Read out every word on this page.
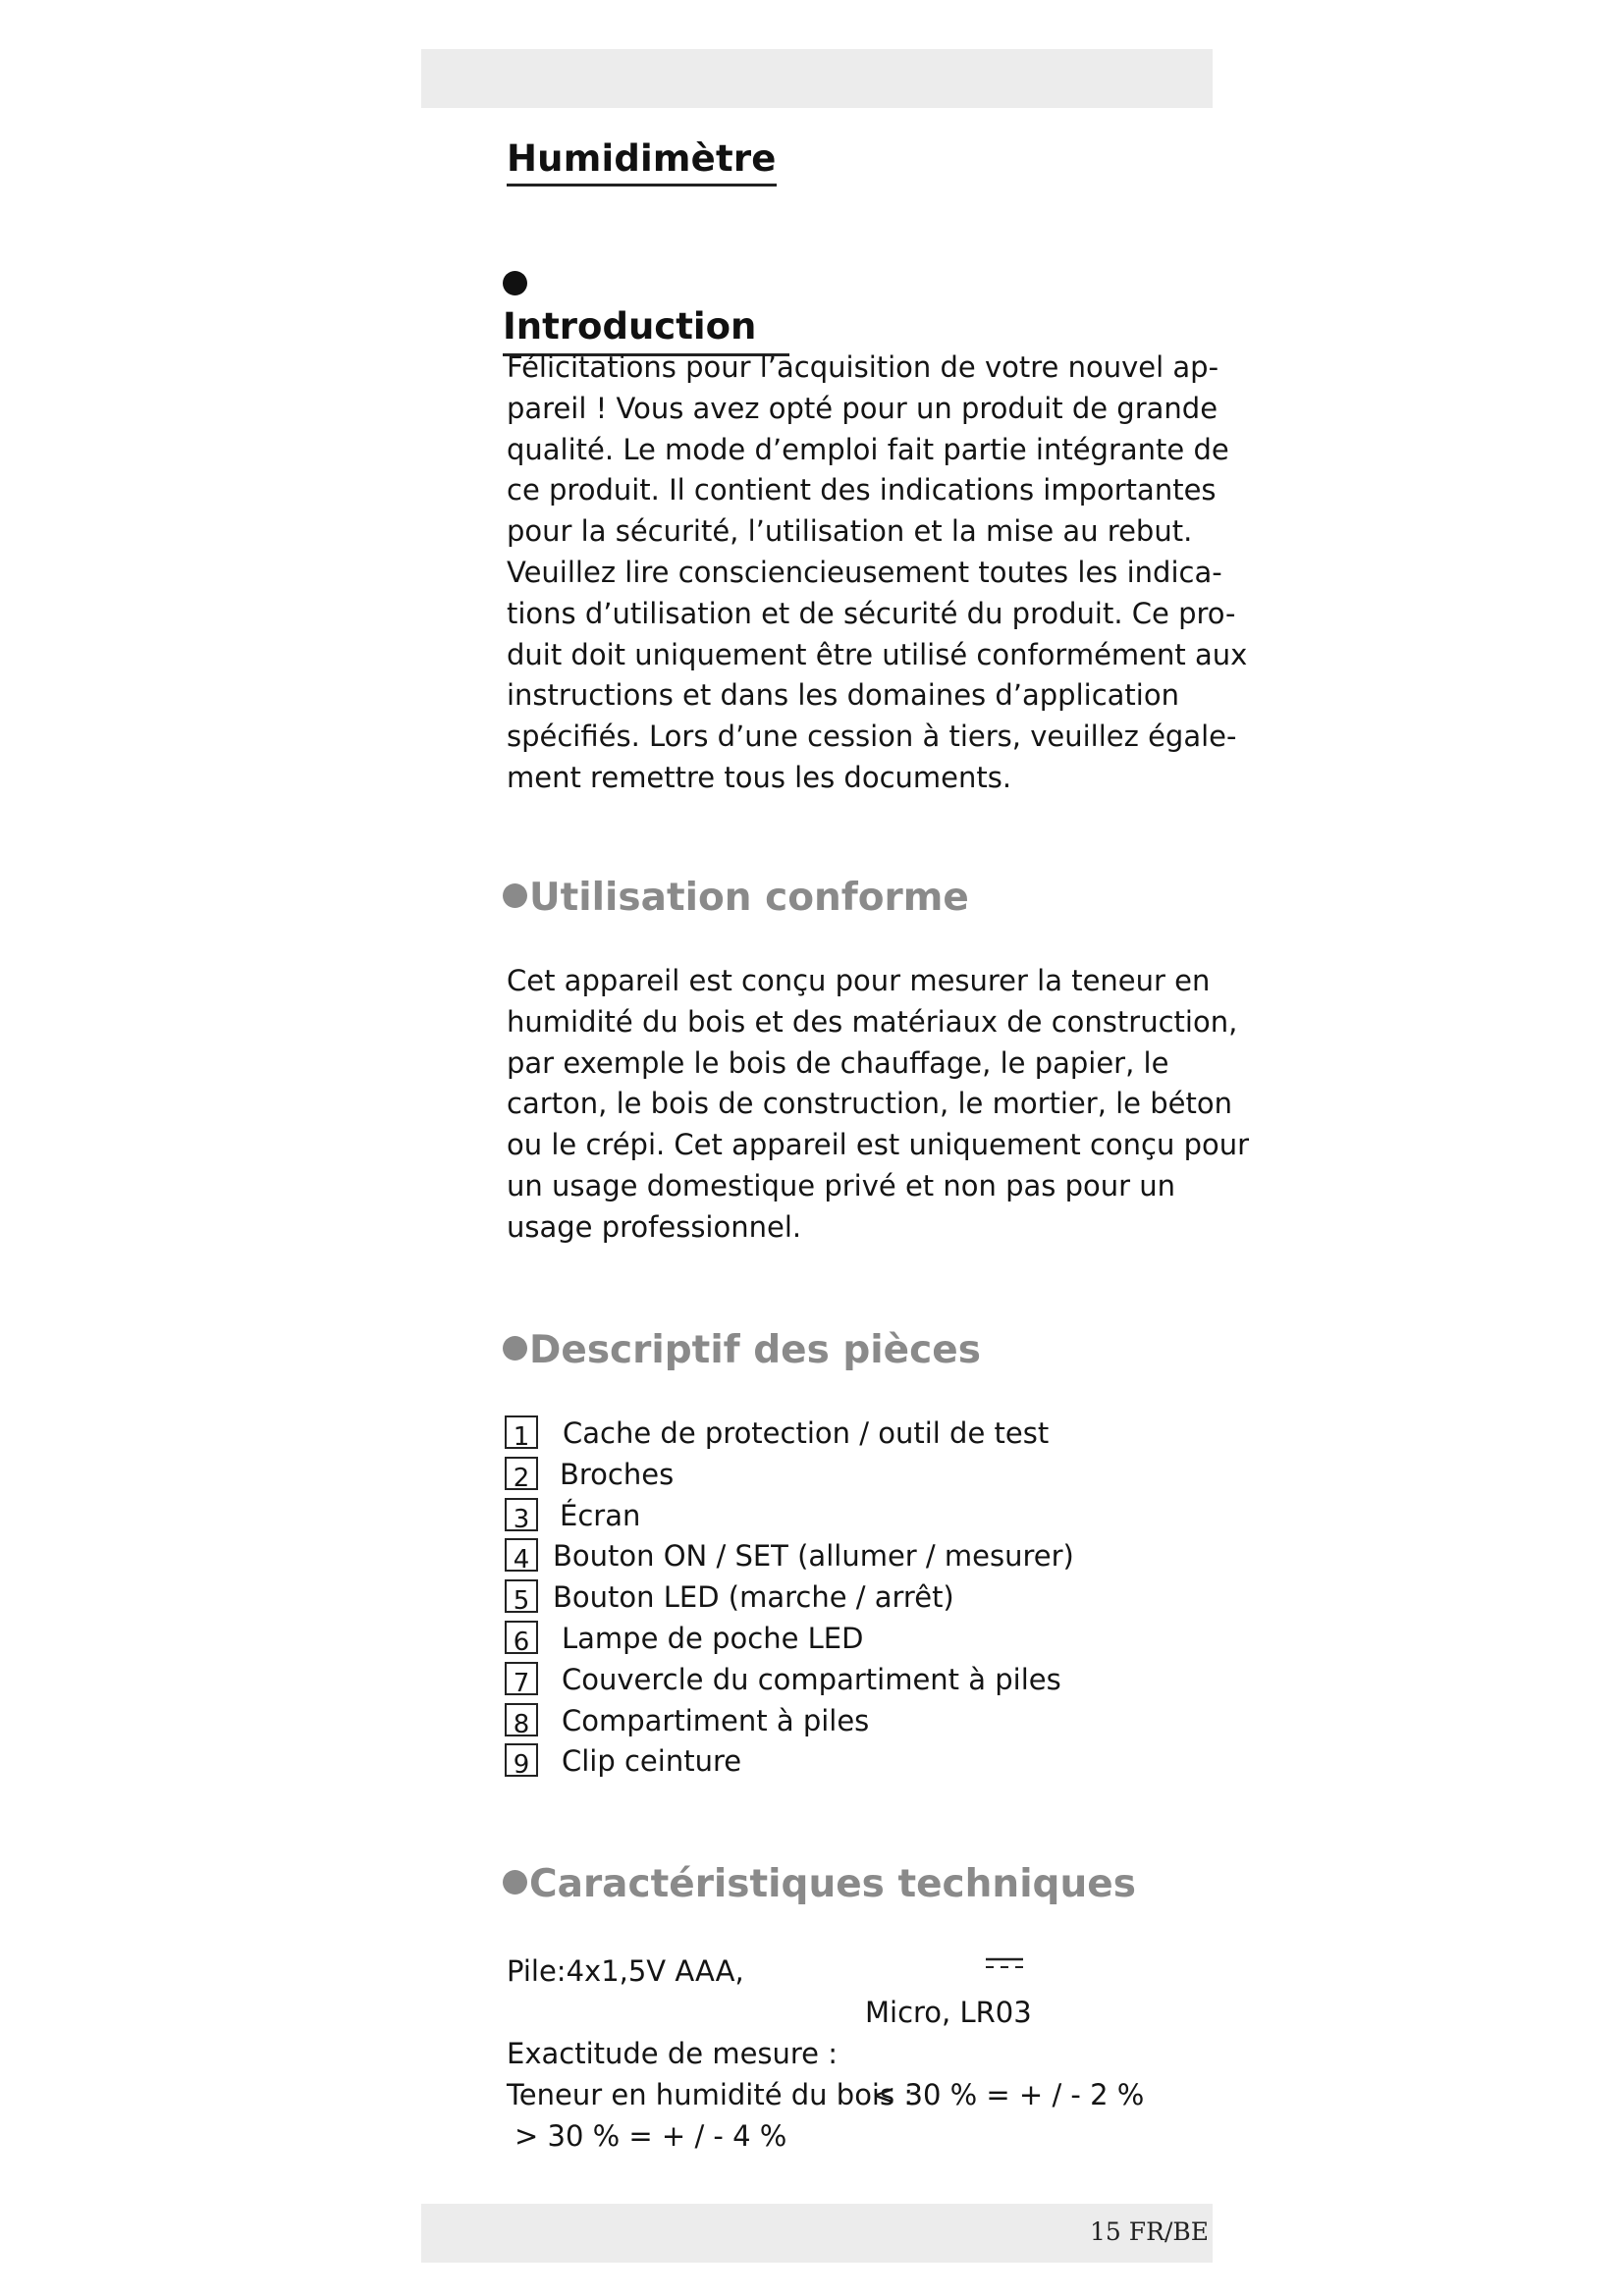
Humidimètre
Introduction
Félicitations pour l’acquisition de votre nouvel ap-
pareil ! Vous avez opté pour un produit de grande
qualité. Le mode d’emploi fait partie intégrante de
ce produit. Il contient des indications importantes
pour la sécurité, l’utilisation et la mise au rebut.
Veuillez lire consciencieusement toutes les indica-
tions d’utilisation et de sécurité du produit. Ce pro-
duit doit uniquement être utilisé conformément aux
instructions et dans les domaines d’application
spécifiés. Lors d’une cession à tiers, veuillez égale-
ment remettre tous les documents.
Utilisation conforme
Cet appareil est conçu pour mesurer la teneur en
humidité du bois et des matériaux de construction,
par exemple le bois de chauffage, le papier, le
carton, le bois de construction, le mortier, le béton
ou le crépi. Cet appareil est uniquement conçu pour
un usage domestique privé et non pas pour un
usage professionnel.
Descriptif des pièces
1	Cache de protection / outil de test
2	Broches
3	Écran
4 Bouton ON / SET (allumer / mesurer)
5 Bouton LED (marche / arrêt)
6	Lampe de poche LED
7	Couvercle du compartiment à piles
8	Compartiment à piles
9	Clip ceinture
Caractéristiques techniques
Pile:4x1,5V AAA,
Micro, LR03
Exactitude de mesure :
Teneur en humidité du bois :
< 30 % = + / - 2 %
> 30 % = + / - 4 %
15 FR/BE
